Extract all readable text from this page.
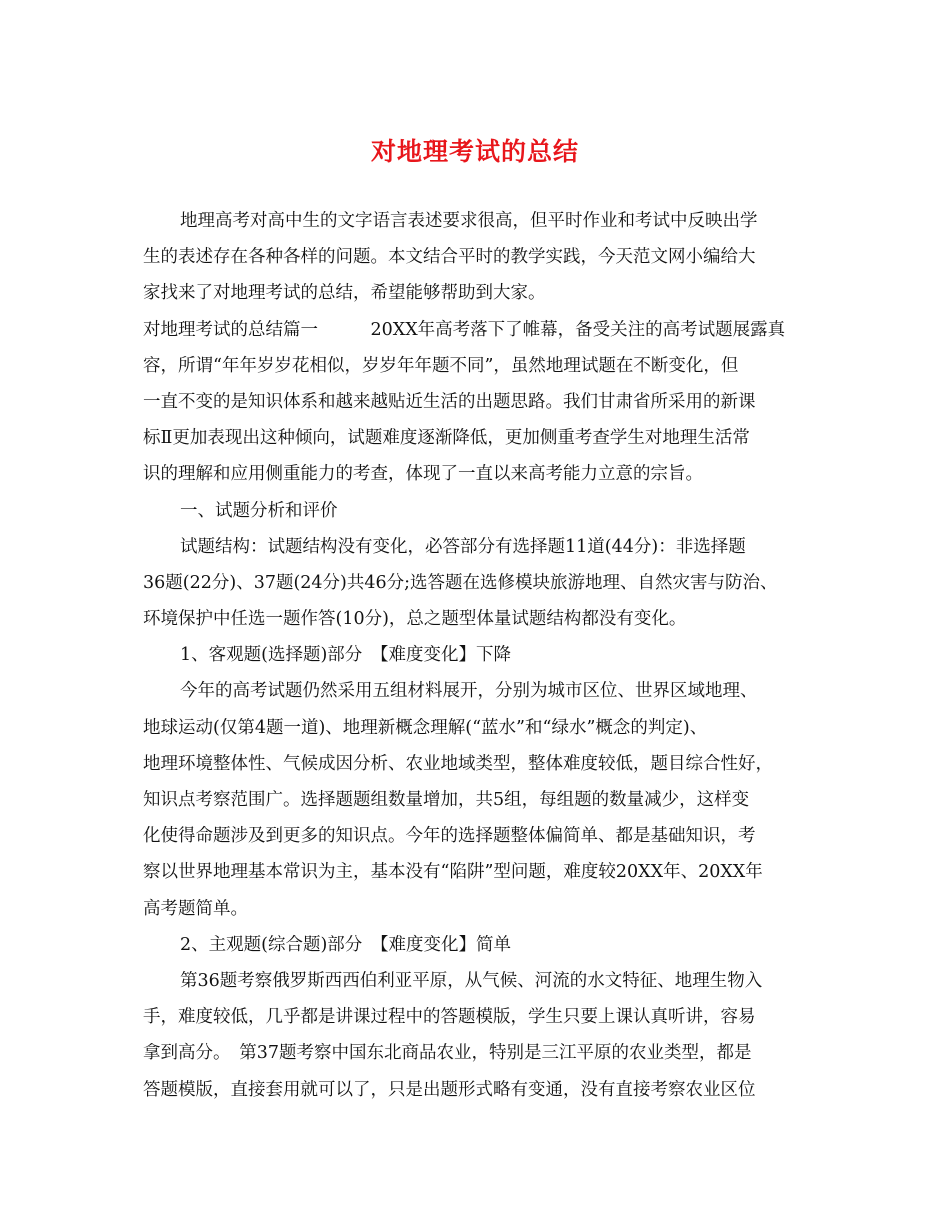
对地理考试的总结
地理高考对高中生的文字语言表述要求很高，但平时作业和考试中反映出学
生的表述存在各种各样的问题。本文结合平时的教学实践，今天范文网小编给大
家找来了对地理考试的总结，希望能够帮助到大家。
对地理考试的总结篇一　　　20XX年高考落下了帷幕，备受关注的高考试题展露真
容，所谓“年年岁岁花相似，岁岁年年题不同”，虽然地理试题在不断变化，但
一直不变的是知识体系和越来越贴近生活的出题思路。我们甘肃省所采用的新课
标Ⅱ更加表现出这种倾向，试题难度逐渐降低，更加侧重考查学生对地理生活常
识的理解和应用侧重能力的考查，体现了一直以来高考能力立意的宗旨。
一、试题分析和评价
试题结构：试题结构没有变化，必答部分有选择题11道(44分)：非选择题
36题(22分)、37题(24分)共46分;选答题在选修模块旅游地理、自然灾害与防治、
环境保护中任选一题作答(10分)，总之题型体量试题结构都没有变化。
1、客观题(选择题)部分　【难度变化】下降
今年的高考试题仍然采用五组材料展开，分别为城市区位、世界区域地理、
地球运动(仅第4题一道)、地理新概念理解(“蓝水”和“绿水”概念的判定)、
地理环境整体性、气候成因分析、农业地域类型，整体难度较低，题目综合性好，
知识点考察范围广。选择题题组数量增加，共5组，每组题的数量减少，这样变
化使得命题涉及到更多的知识点。今年的选择题整体偏简单、都是基础知识，考
察以世界地理基本常识为主，基本没有“陷阱”型问题，难度较20XX年、20XX年
高考题简单。
2、主观题(综合题)部分　【难度变化】简单
第36题考察俄罗斯西西伯利亚平原，从气候、河流的水文特征、地理生物入
手，难度较低，几乎都是讲课过程中的答题模版，学生只要上课认真听讲，容易
拿到高分。　第37题考察中国东北商品农业，特别是三江平原的农业类型，都是
答题模版，直接套用就可以了，只是出题形式略有变通，没有直接考察农业区位
